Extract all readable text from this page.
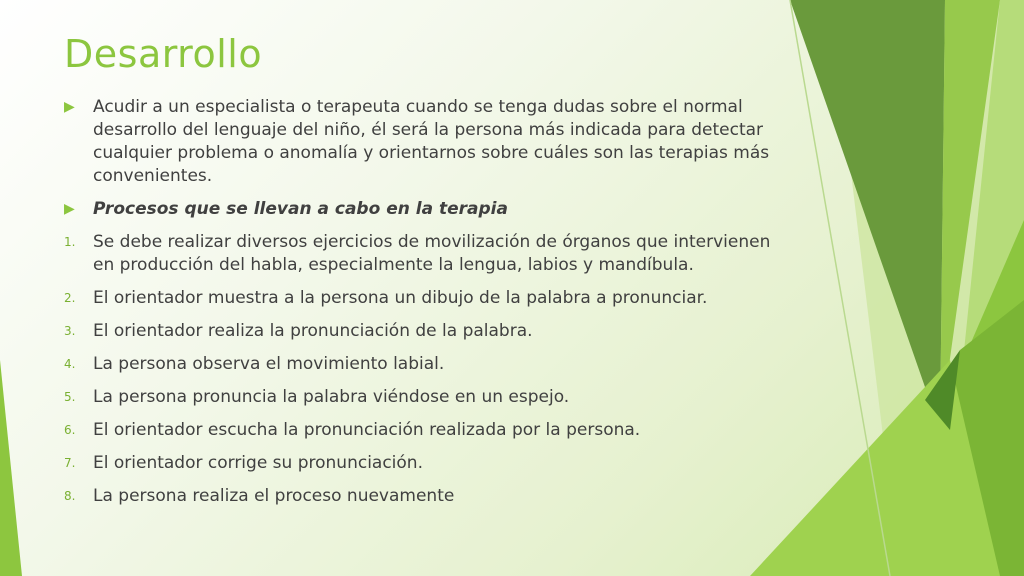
Desarrollo
▶	Acudir a un especialista o terapeuta cuando se tenga dudas sobre el normal desarrollo del lenguaje del niño, él será la persona más indicada para detectar cualquier problema o anomalía y orientarnos sobre cuáles son las terapias más convenientes.
▶	Procesos que se llevan a cabo en la terapia
1.	Se debe realizar diversos ejercicios de movilización de órganos que intervienen en producción del habla, especialmente la lengua, labios y mandíbula.
2.	El orientador muestra a la persona un dibujo de la palabra a pronunciar.
3.	El orientador realiza la pronunciación de la palabra.
4.	La persona observa el movimiento labial.
5.	La persona pronuncia la palabra viéndose en un espejo.
6.	El orientador escucha la pronunciación realizada por la persona.
7.	El orientador corrige su pronunciación.
8.	La persona realiza el proceso nuevamente
